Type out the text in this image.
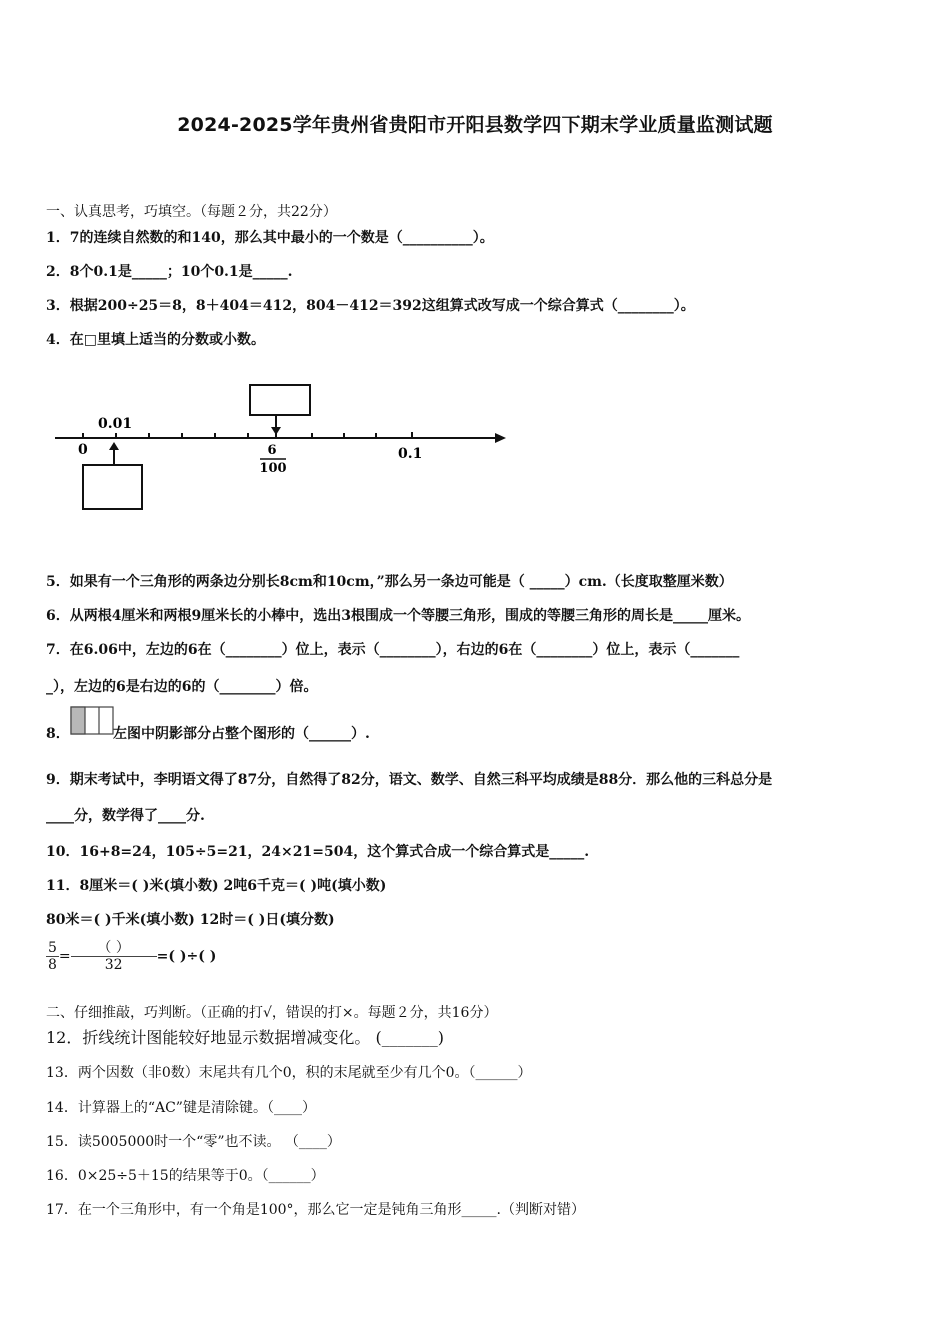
2024-2025学年贵州省贵阳市开阳县数学四下期末学业质量监测试题
一、认真思考，巧填空。（每题２分，共22分）
1．7的连续自然数的和140，那么其中最小的一个数是（__________）。
2．8个0.1是_____；10个0.1是_____.
3．根据200÷25＝8，8＋404＝412，804－412＝392这组算式改写成一个综合算式（________）。
4．在□里填上适当的分数或小数。
0
0.01
0.1
6
100
5．如果有一个三角形的两条边分别长8cm和10cm，”那么另一条边可能是（ _____）cm.（长度取整厘米数）
6．从两根4厘米和两根9厘米长的小棒中，选出3根围成一个等腰三角形，围成的等腰三角形的周长是_____厘米。
7．在6.06中，左边的6在（________）位上，表示（________），右边的6在（________）位上，表示（_______
_），左边的6是右边的6的（________）倍。
8．	左图中阴影部分占整个图形的（______）.
9．期末考试中，李明语文得了87分，自然得了82分，语文、数学、自然三科平均成绩是88分．那么他的三科总分是
____分，数学得了____分.
10．16+8=24，105÷5=21，24×21=504，这个算式合成一个综合算式是_____.
11．8厘米＝( )米(填小数) 2吨6千克＝( )吨(填小数)
80米＝( )千米(填小数) 12时＝( )日(填分数)
$\frac{5}{8} = \frac{( )}{32}$ =( )÷( )
二、仔细推敲，巧判断。（正确的打√，错误的打×。每题２分，共16分）
12．折线统计图能较好地显示数据增减变化。 (_______)
13．两个因数（非0数）末尾共有几个0，积的末尾就至少有几个0。（______）
14．计算器上的“AC”键是清除键。（____）
15．读5005000时一个“零”也不读。 （____）
16．0×25÷5＋15的结果等于0。（______）
17．在一个三角形中，有一个角是100°，那么它一定是钝角三角形_____.（判断对错）
